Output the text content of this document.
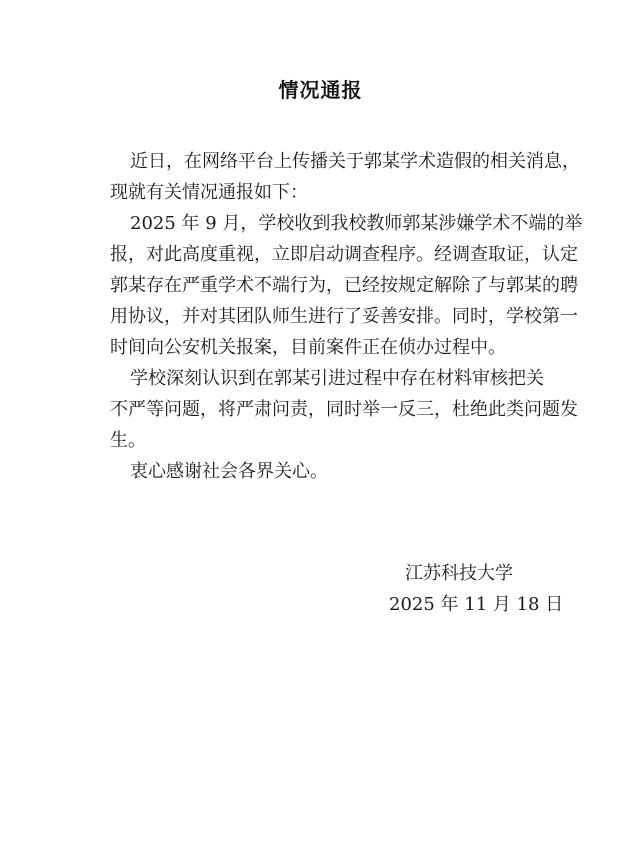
情况通报
近日，在网络平台上传播关于郭某学术造假的相关消息，
现就有关情况通报如下：
2025 年 9 月，学校收到我校教师郭某涉嫌学术不端的举
报，对此高度重视，立即启动调查程序。经调查取证，认定
郭某存在严重学术不端行为，已经按规定解除了与郭某的聘
用协议，并对其团队师生进行了妥善安排。同时，学校第一
时间向公安机关报案，目前案件正在侦办过程中。
学校深刻认识到在郭某引进过程中存在材料审核把关
不严等问题，将严肃问责，同时举一反三，杜绝此类问题发
生。
衷心感谢社会各界关心。
江苏科技大学
2025 年 11 月 18 日
